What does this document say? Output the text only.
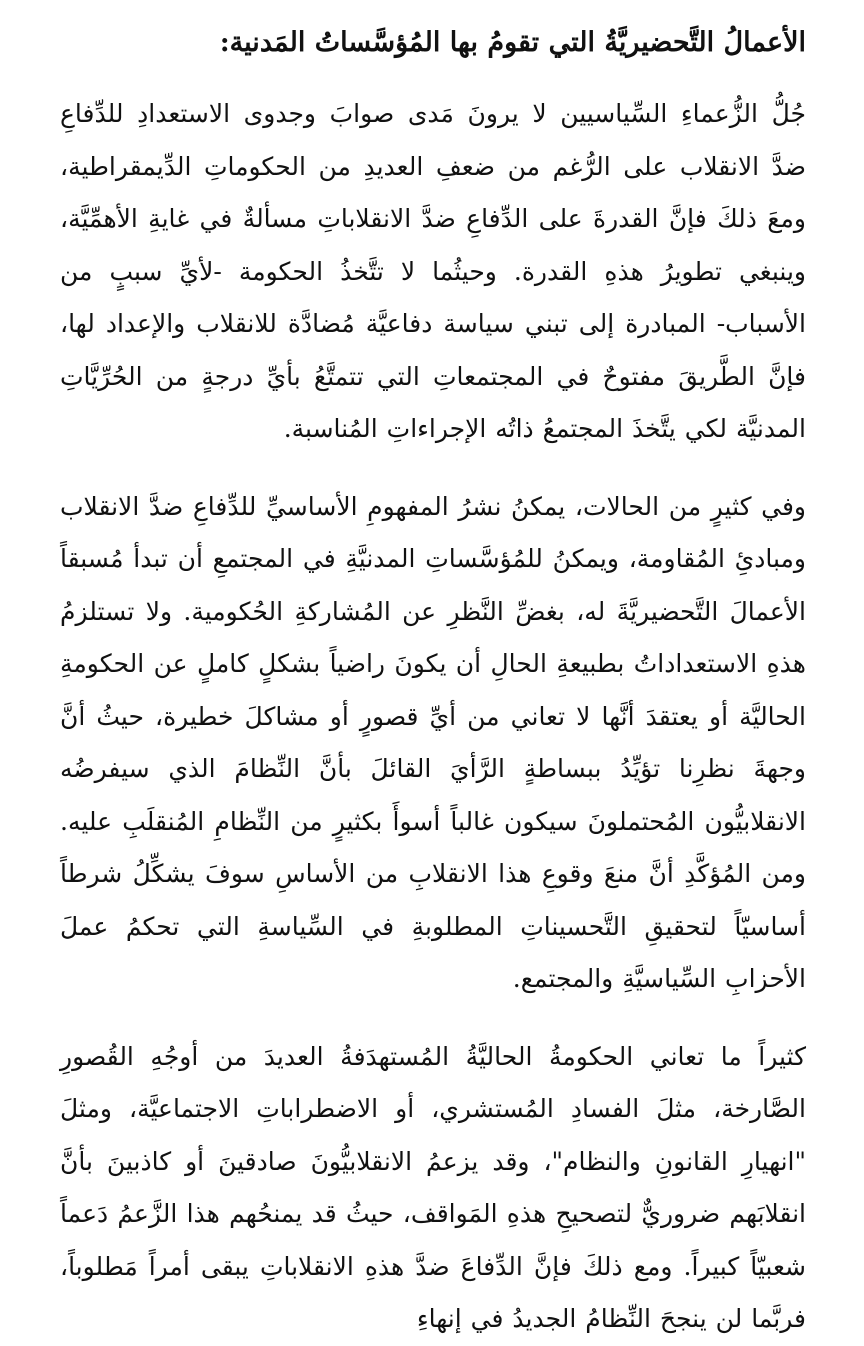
الأعمالُ التَّحضيريَّةُ التي تقومُ بها المُؤسَّساتُ المَدنية:

جُلُّ الزُّعماءِ السِّياسيين لا يرونَ مَدى صوابَ وجدوى الاستعدادِ للدِّفاعِ ضدَّ الانقلاب على الرُّغم من ضعفِ العديدِ من الحكوماتِ الدِّيمقراطية، ومعَ ذلكَ فإنَّ القدرةَ على الدِّفاعِ ضدَّ الانقلاباتِ مسألةٌ في غايةِ الأهمِّيَّة، وينبغي تطويرُ هذهِ القدرة. وحيثُما لا تتَّخذُ الحكومة -لأيِّ سببٍ من الأسباب- المبادرة إلى تبني سياسة دفاعيَّة مُضادَّة للانقلاب والإعداد لها، فإنَّ الطَّريقَ مفتوحٌ في المجتمعاتِ التي تتمتَّعُ بأيِّ درجةٍ من الحُرِّيَّاتِ المدنيَّة لكي يتَّخذَ المجتمعُ ذاتُه الإجراءاتِ المُناسبة.

وفي كثيرٍ من الحالات، يمكنُ نشرُ المفهومِ الأساسيِّ للدِّفاعِ ضدَّ الانقلاب ومبادئِ المُقاومة، ويمكنُ للمُؤسَّساتِ المدنيَّةِ في المجتمعِ أن تبدأ مُسبقاً الأعمالَ التَّحضيريَّةَ له، بغضِّ النَّظرِ عن المُشاركةِ الحُكومية. ولا تستلزمُ هذهِ الاستعداداتُ بطبيعةِ الحالِ أن يكونَ راضياً بشكلٍ كاملٍ عن الحكومةِ الحاليَّة أو يعتقدَ أنَّها لا تعاني من أيِّ قصورٍ أو مشاكلَ خطيرة، حيثُ أنَّ وجهةَ نظرِنا تؤيِّدُ ببساطةٍ الرَّأيَ القائلَ بأنَّ النِّظامَ الذي سيفرضُه الانقلابيُّون المُحتملونَ سيكون غالباً أسوأَ بكثيرٍ من النِّظامِ المُنقلَبِ عليه. ومن المُؤكَّدِ أنَّ منعَ وقوعِ هذا الانقلابِ من الأساسِ سوفَ يشكِّلُ شرطاً أساسيّاً لتحقيقِ التَّحسيناتِ المطلوبةِ في السِّياسةِ التي تحكمُ عملَ الأحزابِ السِّياسيَّةِ والمجتمع.

كثيراً ما تعاني الحكومةُ الحاليَّةُ المُستهدَفةُ العديدَ من أوجُهِ القُصورِ الصَّارخة، مثلَ الفسادِ المُستشري، أو الاضطراباتِ الاجتماعيَّة، ومثلَ "انهيارِ القانونِ والنظام"، وقد يزعمُ الانقلابيُّونَ صادقينَ أو كاذبينَ بأنَّ انقلابَهم ضروريٌّ لتصحيحِ هذهِ المَواقف، حيثُ قد يمنحُهم هذا الزَّعمُ دَعماً شعبيّاً كبيراً. ومع ذلكَ فإنَّ الدِّفاعَ ضدَّ هذهِ الانقلاباتِ يبقى أمراً مَطلوباً، فربَّما لن ينجحَ النِّظامُ الجديدُ في إنهاءِ
